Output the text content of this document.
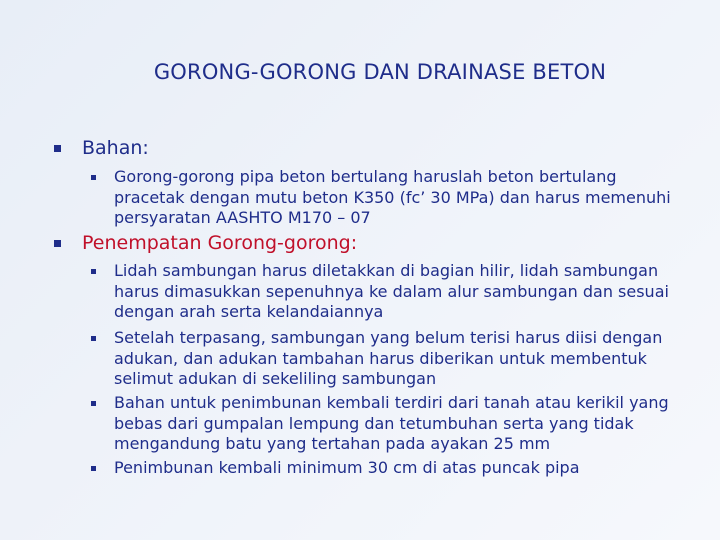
GORONG-GORONG DAN DRAINASE BETON
Bahan:
Gorong-gorong pipa beton bertulang haruslah beton bertulang pracetak dengan mutu beton K350 (fc’ 30 MPa) dan harus memenuhi persyaratan AASHTO M170 – 07
Penempatan Gorong-gorong:
Lidah sambungan harus diletakkan di bagian hilir, lidah sambungan harus dimasukkan sepenuhnya ke dalam alur sambungan dan sesuai dengan arah serta kelandaiannya
Setelah terpasang, sambungan yang belum terisi harus diisi dengan adukan, dan adukan tambahan harus diberikan untuk membentuk selimut adukan di sekeliling sambungan
Bahan untuk penimbunan kembali terdiri dari tanah atau kerikil yang bebas dari gumpalan lempung dan tetumbuhan serta yang tidak mengandung batu yang tertahan pada ayakan 25 mm
Penimbunan kembali minimum 30 cm di atas puncak pipa
